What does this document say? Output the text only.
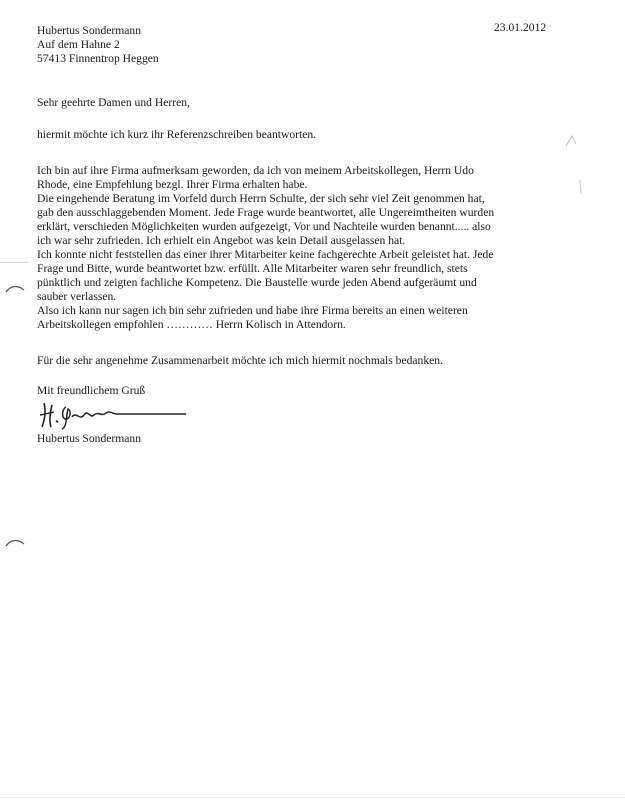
Hubertus Sondermann
Auf dem Hahne 2
57413 Finnentrop Heggen
23.01.2012
Sehr geehrte Damen und Herren,
hiermit möchte ich kurz ihr Referenzschreiben beantworten.
Ich bin auf ihre Firma aufmerksam geworden, da ich von meinem Arbeitskollegen, Herrn Udo
Rhode, eine Empfehlung bezgl. Ihrer Firma erhalten habe.
Die eingehende Beratung im Vorfeld durch Herrn Schulte, der sich sehr viel Zeit genommen hat,
gab den ausschlaggebenden Moment. Jede Frage wurde beantwortet, alle Ungereimtheiten wurden
erklärt, verschieden Möglichkeiten wurden aufgezeigt, Vor und Nachteile wurden benannt..... also
ich war sehr zufrieden. Ich erhielt ein Angebot was kein Detail ausgelassen hat.
Ich konnte nicht feststellen das einer ihrer Mitarbeiter keine fachgerechte Arbeit geleistet hat. Jede
Frage und Bitte, wurde beantwortet bzw. erfüllt. Alle Mitarbeiter waren sehr freundlich, stets
pünktlich und zeigten fachliche Kompetenz. Die Baustelle wurde jeden Abend aufgeräumt und
sauber verlassen.
Also ich kann nur sagen ich bin sehr zufrieden und habe ihre Firma bereits an einen weiteren
Arbeitskollegen empfohlen ………… Herrn Kolisch in Attendorn.
Für die sehr angenehme Zusammenarbeit möchte ich mich hiermit nochmals bedanken.
Mit freundlichem Gruß
Hubertus Sondermann
